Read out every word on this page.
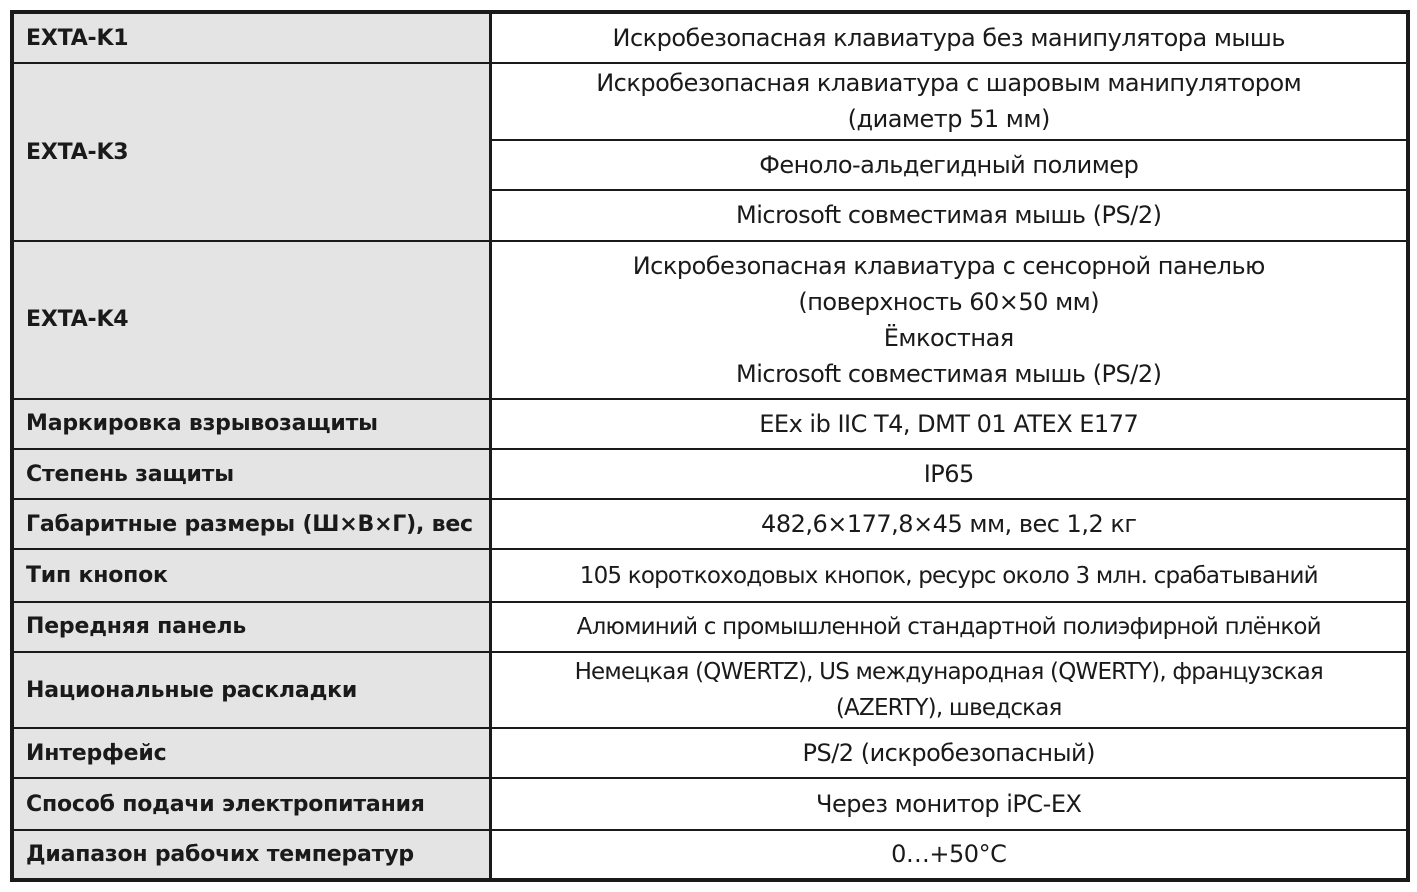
EXTA-K1	Искробезопасная клавиатура без манипулятора мышь
EXTA-K3	Искробезопасная клавиатура с шаровым манипулятором
(диаметр 51 мм)

	Феноло-альдегидный полимер
	Microsoft совместимая мышь (PS/2)
EXTA-K4	Искробезопасная клавиатура с сенсорной панелью
(поверхность 60×50 мм)
Ёмкостная
Microsoft совместимая мышь (PS/2)

Маркировка взрывозащиты	EEx ib IIC T4, DMT 01 ATEX E177
Степень защиты	IP65
Габаритные размеры (Ш×В×Г), вес	482,6×177,8×45 мм, вес 1,2 кг
Тип кнопок	105 короткоходовых кнопок, ресурс около 3 млн. срабатываний
Передняя панель	Алюминий с промышленной стандартной полиэфирной плёнкой
Национальные раскладки	Немецкая (QWERTZ), US международная (QWERTY), французская
(AZERTY), шведская

Интерфейс	PS/2 (искробезопасный)
Способ подачи электропитания	Через монитор iPC-EX
Диапазон рабочих температур	0…+50°C
